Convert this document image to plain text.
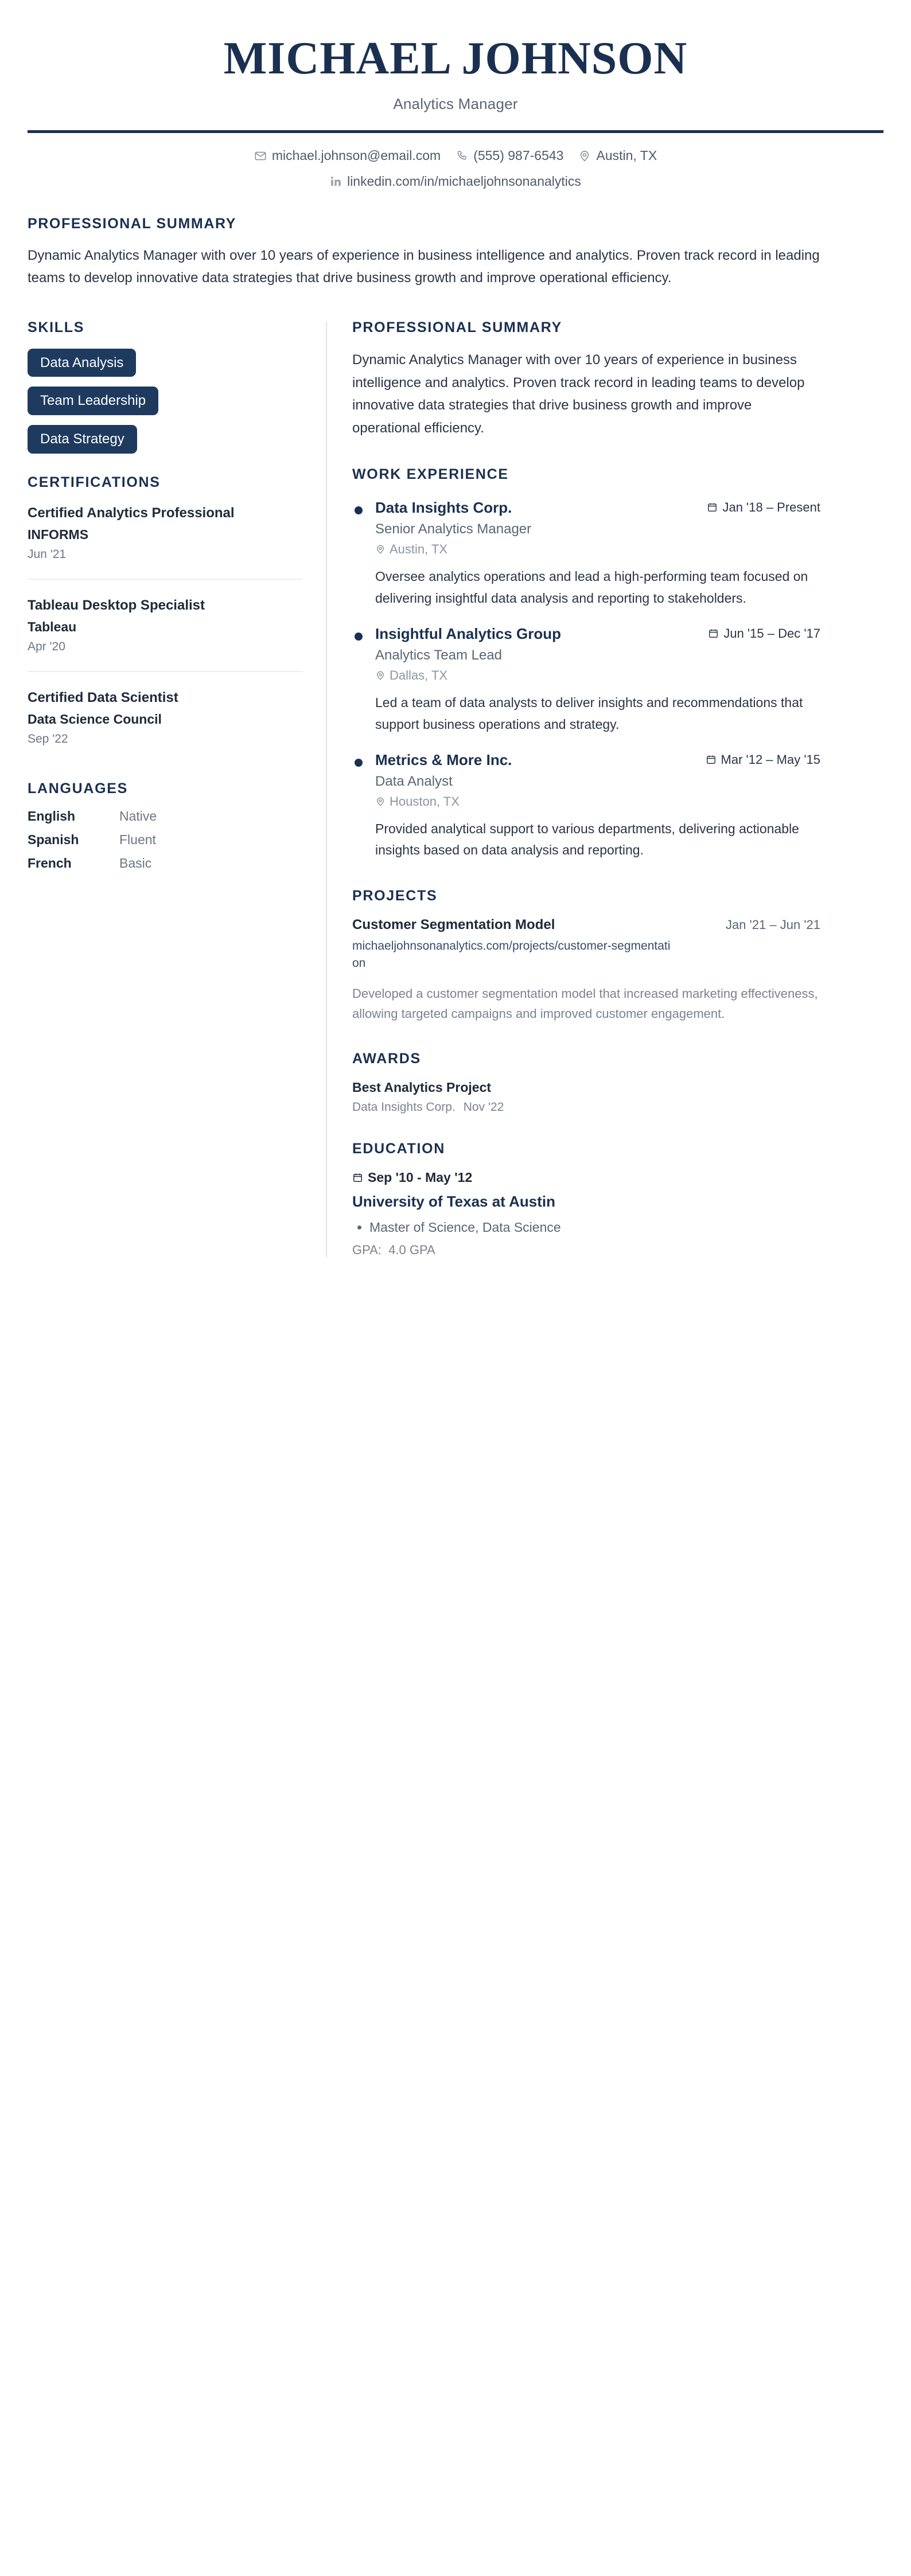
MICHAEL JOHNSON
Analytics Manager
michael.johnson@email.com (555) 987-6543 Austin, TX
linkedin.com/in/michaeljohnsonanalytics
PROFESSIONAL SUMMARY

Dynamic Analytics Manager with over 10 years of experience in business intelligence and analytics. Proven track record in leading teams to develop innovative data strategies that drive business growth and improve operational efficiency.

SKILLS
Data Analysis
Team Leadership
Data Strategy
CERTIFICATIONS
Certified Analytics Professional
INFORMS
Jun '21
Tableau Desktop Specialist
Tableau
Apr '20
Certified Data Scientist
Data Science Council
Sep '22
LANGUAGES
English	Native
Spanish	Fluent
French	Basic
PROFESSIONAL SUMMARY
Dynamic Analytics Manager with over 10 years of experience in business intelligence and analytics. Proven track record in leading teams to develop innovative data strategies that drive business growth and improve operational efficiency.
WORK EXPERIENCE
Data Insights Corp.	Jan '18 – Present
Senior Analytics Manager
Austin, TX
Oversee analytics operations and lead a high-performing team focused on delivering insightful data analysis and reporting to stakeholders.
Insightful Analytics Group	Jun '15 – Dec '17
Analytics Team Lead
Dallas, TX
Led a team of data analysts to deliver insights and recommendations that support business operations and strategy.
Metrics & More Inc.	Mar '12 – May '15
Data Analyst
Houston, TX
Provided analytical support to various departments, delivering actionable insights based on data analysis and reporting.
PROJECTS
Customer Segmentation Model	Jan '21 – Jun '21
michaeljohnsonanalytics.com/projects/customer-segmentation
Developed a customer segmentation model that increased marketing effectiveness, allowing targeted campaigns and improved customer engagement.
AWARDS
Best Analytics Project
Data Insights Corp. Nov '22
EDUCATION
Sep '10 - May '12
University of Texas at Austin
• Master of Science, Data Science
GPA: 4.0 GPA
